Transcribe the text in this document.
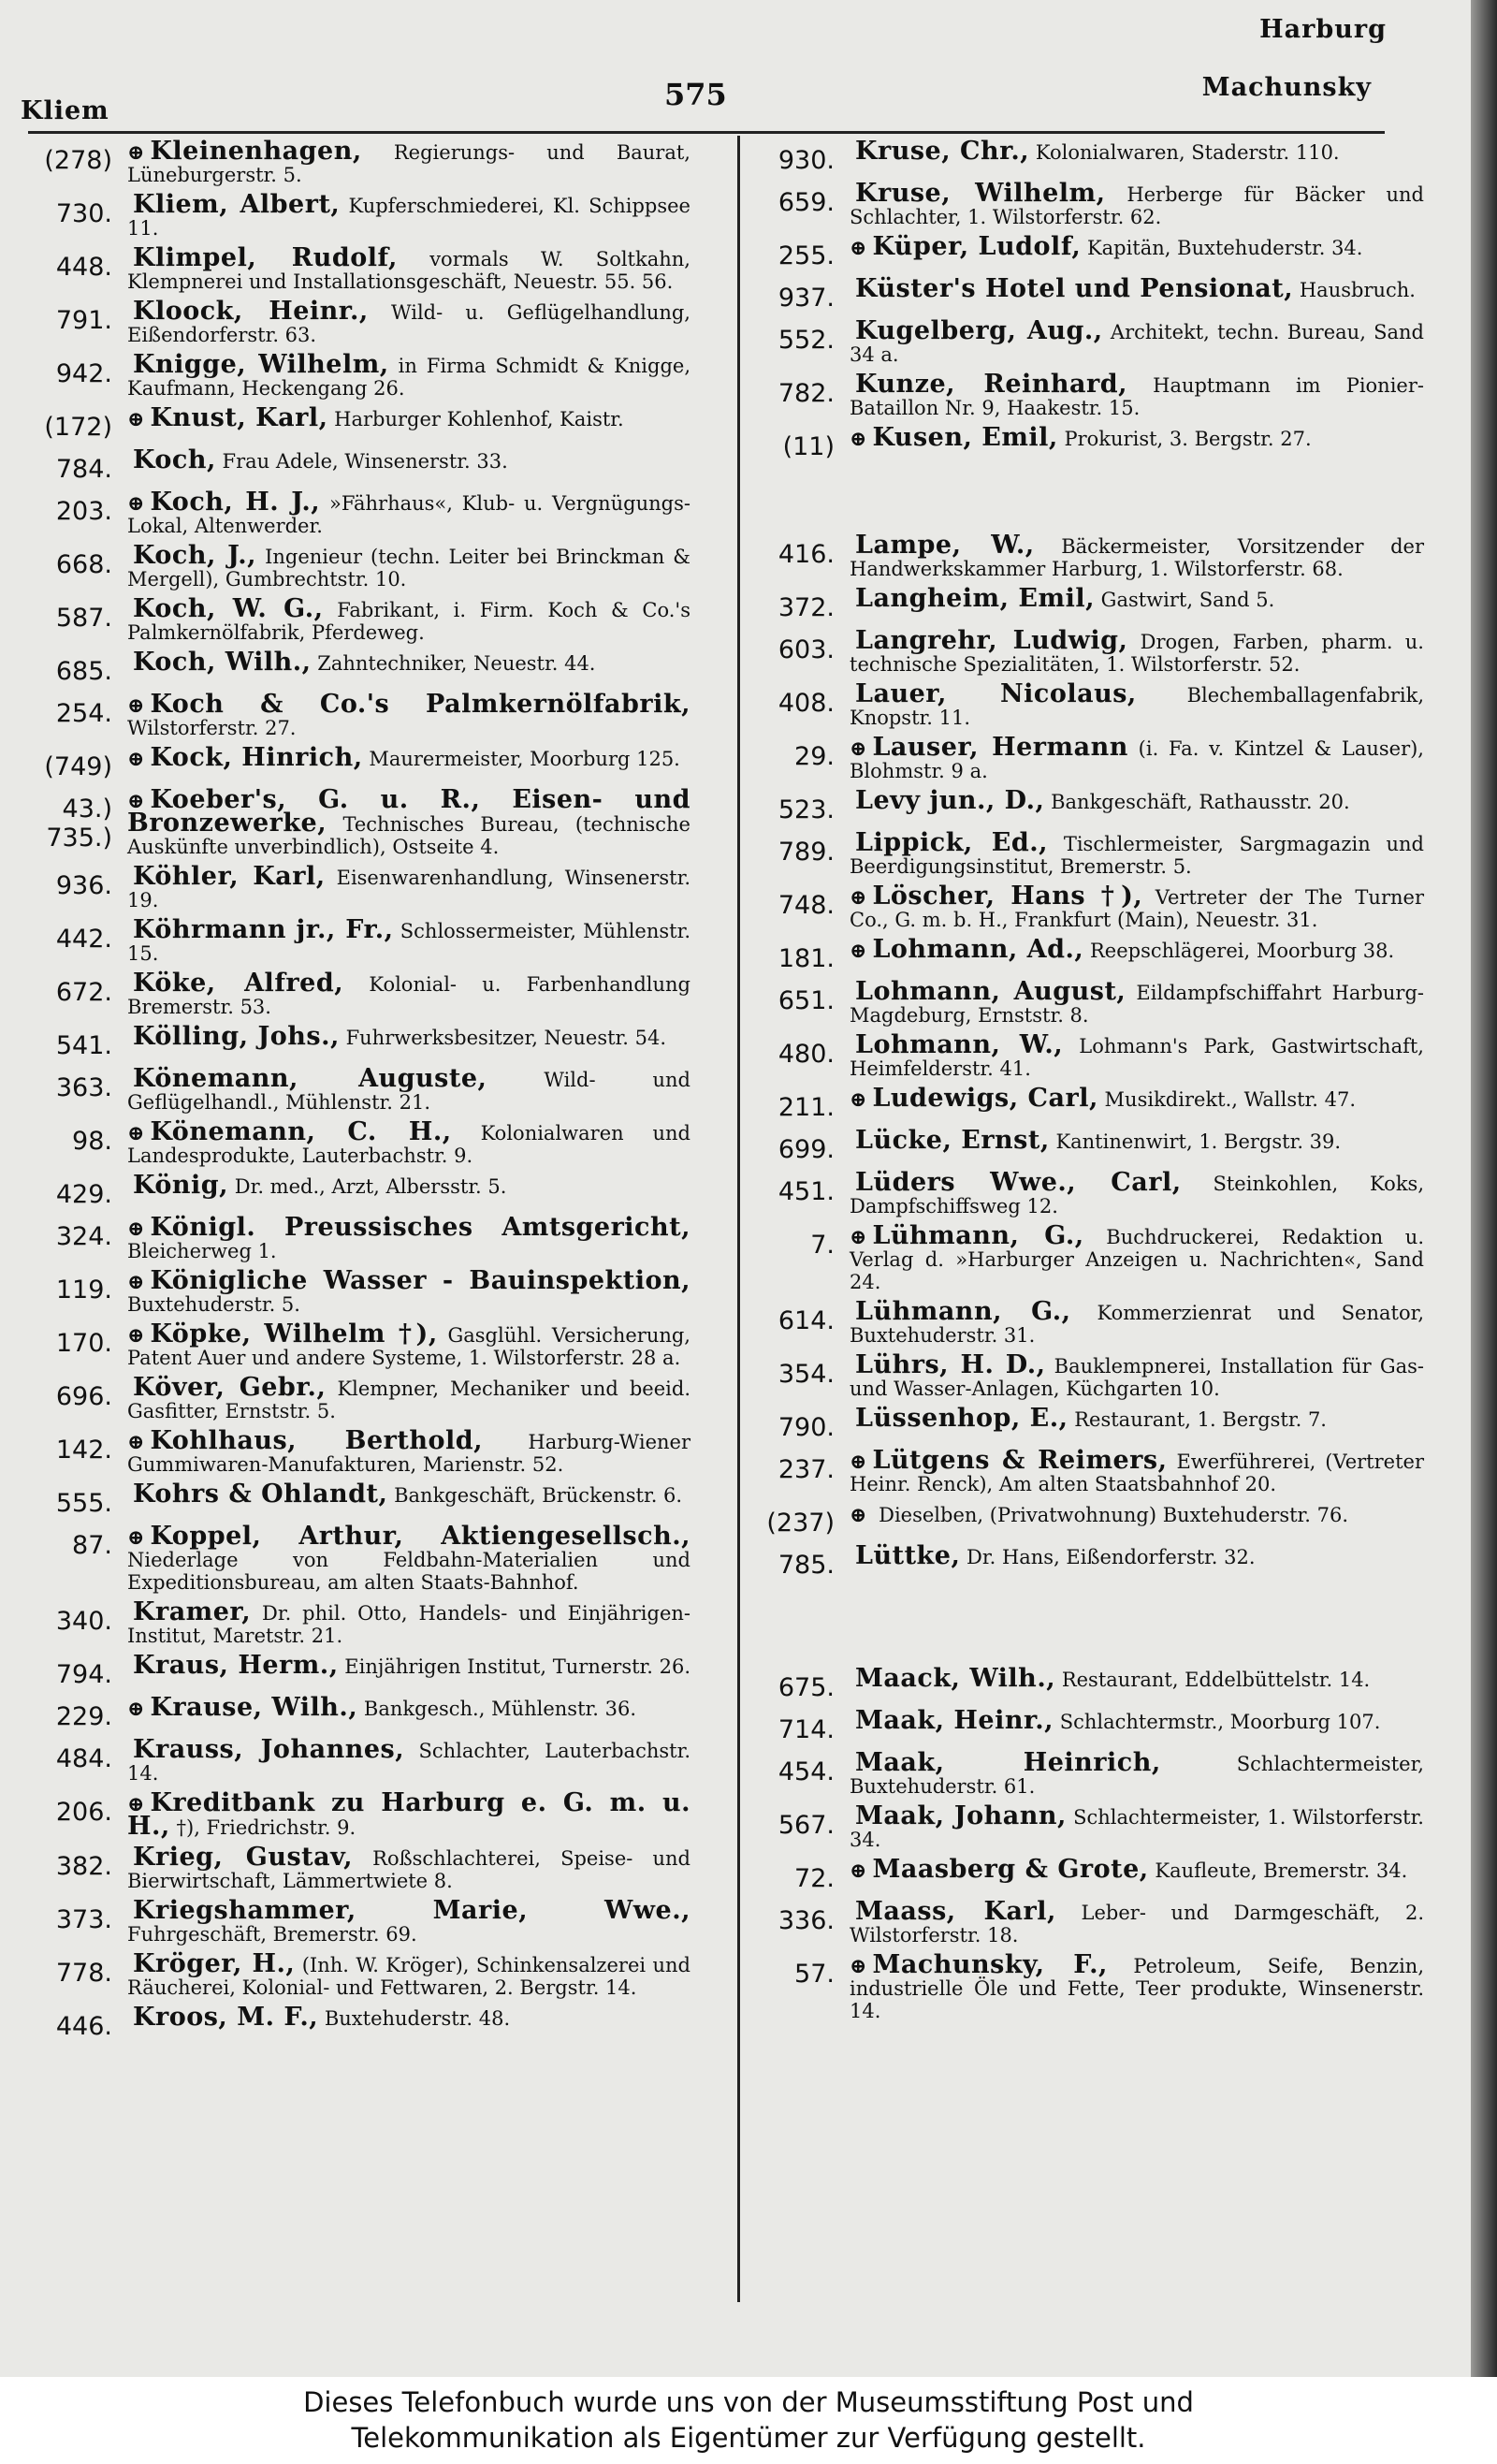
Kliem	575
Harburg
Machunsky
(278) ⊕ Kleinenhagen, Regierungs- und Baurat, Lüneburgerstr. 5.
730. Kliem, Albert, Kupferschmiederei, Kl. Schippsee 11.
448. Klimpel, Rudolf, vormals W. Soltkahn, Klempnerei und Installationsgeschäft, Neuestr. 55. 56.
791. Kloock, Heinr., Wild- u. Geflügelhandlung, Eißendorferstr. 63.
942. Knigge, Wilhelm, in Firma Schmidt & Knigge, Kaufmann, Heckengang 26.
(172) ⊕ Knust, Karl, Harburger Kohlenhof, Kaistr.
784. Koch, Frau Adele, Winsenerstr. 33.
203. ⊕ Koch, H. J., »Fährhaus«, Klub- u. Vergnügungs-Lokal, Altenwerder.
668. Koch, J., Ingenieur (techn. Leiter bei Brinckman & Mergell), Gumbrechtstr. 10.
587. Koch, W. G., Fabrikant, i. Firm. Koch & Co.'s Palmkernölfabrik, Pferdeweg.
685. Koch, Wilh., Zahntechniker, Neuestr. 44.
254. ⊕ Koch & Co.'s Palmkernölfabrik, Wilstorferstr. 27.
(749) ⊕ Kock, Hinrich, Maurermeister, Moorburg 125.
43.) 735.)
⊕ Koeber's, G. u. R., Eisen- und Bronzewerke, Technisches Bureau, (technische Auskünfte unverbindlich), Ostseite 4.
936. Köhler, Karl, Eisenwarenhandlung, Winsenerstr. 19.
442. Köhrmann jr., Fr., Schlossermeister, Mühlenstr. 15.
672. Köke, Alfred, Kolonial- u. Farbenhandlung Bremerstr. 53.
541. Kölling, Johs., Fuhrwerksbesitzer, Neuestr. 54.
363. Könemann, Auguste,	Wild- und Geflügelhandl., Mühlenstr. 21.
98. ⊕ Könemann, C. H., Kolonialwaren und Landesprodukte, Lauterbachstr. 9.
429. König, Dr. med., Arzt, Albersstr. 5.
324. ⊕ Königl. Preussisches Amtsgericht, Bleicherweg 1.
119. ⊕ Königliche Wasser - Bauinspektion, Buxtehuderstr. 5.
170. ⊕ Köpke, Wilhelm †), Gasglühl. Versicherung, Patent Auer und andere Systeme, 1. Wilstorferstr. 28 a.
696. Köver, Gebr., Klempner, Mechaniker und beeid. Gasfitter, Ernststr. 5.
142. ⊕ Kohlhaus, Berthold, Harburg-Wiener Gummiwaren-Manufakturen, Marienstr. 52.
555. Kohrs & Ohlandt, Bankgeschäft, Brückenstr. 6.
87. ⊕ Koppel, Arthur, Aktiengesellsch., Niederlage von Feldbahn-Materialien und Expeditionsbureau, am alten Staats-Bahnhof.
340. Kramer, Dr. phil. Otto, Handels- und Einjährigen-Institut, Maretstr. 21.
794. Kraus, Herm., Einjährigen Institut, Turnerstr. 26.
229. ⊕ Krause, Wilh., Bankgesch., Mühlenstr. 36.
484. Krauss, Johannes, Schlachter, Lauterbachstr. 14.
206. ⊕ Kreditbank zu Harburg e. G. m. u. H., †), Friedrichstr. 9.
382. Krieg, Gustav, Roßschlachterei, Speise- und Bierwirtschaft, Lämmertwiete 8.
373. Kriegshammer, Marie, Wwe., Fuhrgeschäft, Bremerstr. 69.
778. Kröger, H., (Inh. W. Kröger), Schinkensalzerei und Räucherei, Kolonial- und Fettwaren, 2. Bergstr. 14.
446. Kroos, M. F., Buxtehuderstr. 48.
930. Kruse, Chr., Kolonialwaren, Staderstr. 110.
659. Kruse, Wilhelm, Herberge für Bäcker und Schlachter, 1. Wilstorferstr. 62.
255. ⊕ Küper, Ludolf, Kapitän, Buxtehuderstr. 34.
937. Küster's Hotel und Pensionat, Hausbruch.
552. Kugelberg, Aug., Architekt, techn. Bureau, Sand 34 a.
782. Kunze, Reinhard, Hauptmann im Pionier-Bataillon Nr. 9, Haakestr. 15.
(11) ⊕ Kusen, Emil, Prokurist, 3. Bergstr. 27.
416. Lampe, W., Bäckermeister, Vorsitzender der Handwerkskammer Harburg, 1. Wilstorferstr. 68.
372. Langheim, Emil, Gastwirt, Sand 5.
603. Langrehr, Ludwig, Drogen, Farben, pharm. u. technische Spezialitäten, 1. Wilstorferstr. 52.
408. Lauer, Nicolaus,	Blechemballagenfabrik, Knopstr. 11.
29. ⊕ Lauser, Hermann (i. Fa. v. Kintzel & Lauser), Blohmstr. 9 a.
523. Levy jun., D., Bankgeschäft, Rathausstr. 20.
789. Lippick, Ed., Tischlermeister, Sargmagazin und Beerdigungsinstitut, Bremerstr. 5.
748. ⊕ Löscher, Hans †), Vertreter der The Turner Co., G. m. b. H., Frankfurt (Main), Neuestr. 31.
181. ⊕ Lohmann, Ad., Reepschlägerei, Moorburg 38.
651. Lohmann, August, Eildampfschiffahrt Harburg-Magdeburg, Ernststr. 8.
480. Lohmann, W., Lohmann's Park, Gastwirtschaft, Heimfelderstr. 41.
211. ⊕ Ludewigs, Carl, Musikdirekt., Wallstr. 47.
699. Lücke, Ernst, Kantinenwirt, 1. Bergstr. 39.
451. Lüders Wwe., Carl, Steinkohlen, Koks, Dampfschiffsweg 12.
7. ⊕ Lühmann, G., Buchdruckerei, Redaktion u. Verlag d. »Harburger Anzeigen u. Nachrichten«, Sand 24.
614. Lühmann, G., Kommerzienrat und Senator, Buxtehuderstr. 31.
354. Lührs, H. D., Bauklempnerei, Installation für Gas- und Wasser-Anlagen, Küchgarten 10.
790. Lüssenhop, E., Restaurant, 1. Bergstr. 7.
237. ⊕ Lütgens & Reimers, Ewerführerei, (Vertreter Heinr. Renck), Am alten Staatsbahnhof 20.
(237) ⊕ Dieselben, (Privatwohnung) Buxtehuderstr. 76.
785. Lüttke, Dr. Hans, Eißendorferstr. 32.
675. Maack, Wilh., Restaurant, Eddelbüttelstr. 14.
714. Maak, Heinr., Schlachtermstr., Moorburg 107.
454. Maak, Heinrich,	Schlachtermeister, Buxtehuderstr. 61.
567. Maak, Johann, Schlachtermeister, 1. Wilstorferstr. 34.
72. ⊕ Maasberg & Grote, Kaufleute, Bremerstr. 34.
336. Maass, Karl, Leber- und Darmgeschäft, 2. Wilstorferstr. 18.
57. ⊕ Machunsky, F., Petroleum, Seife, Benzin, industrielle Öle und Fette, Teer produkte, Winsenerstr. 14.
Dieses Telefonbuch wurde uns von der Museumsstiftung Post und
Telekommunikation als Eigentümer zur Verfügung gestellt.
